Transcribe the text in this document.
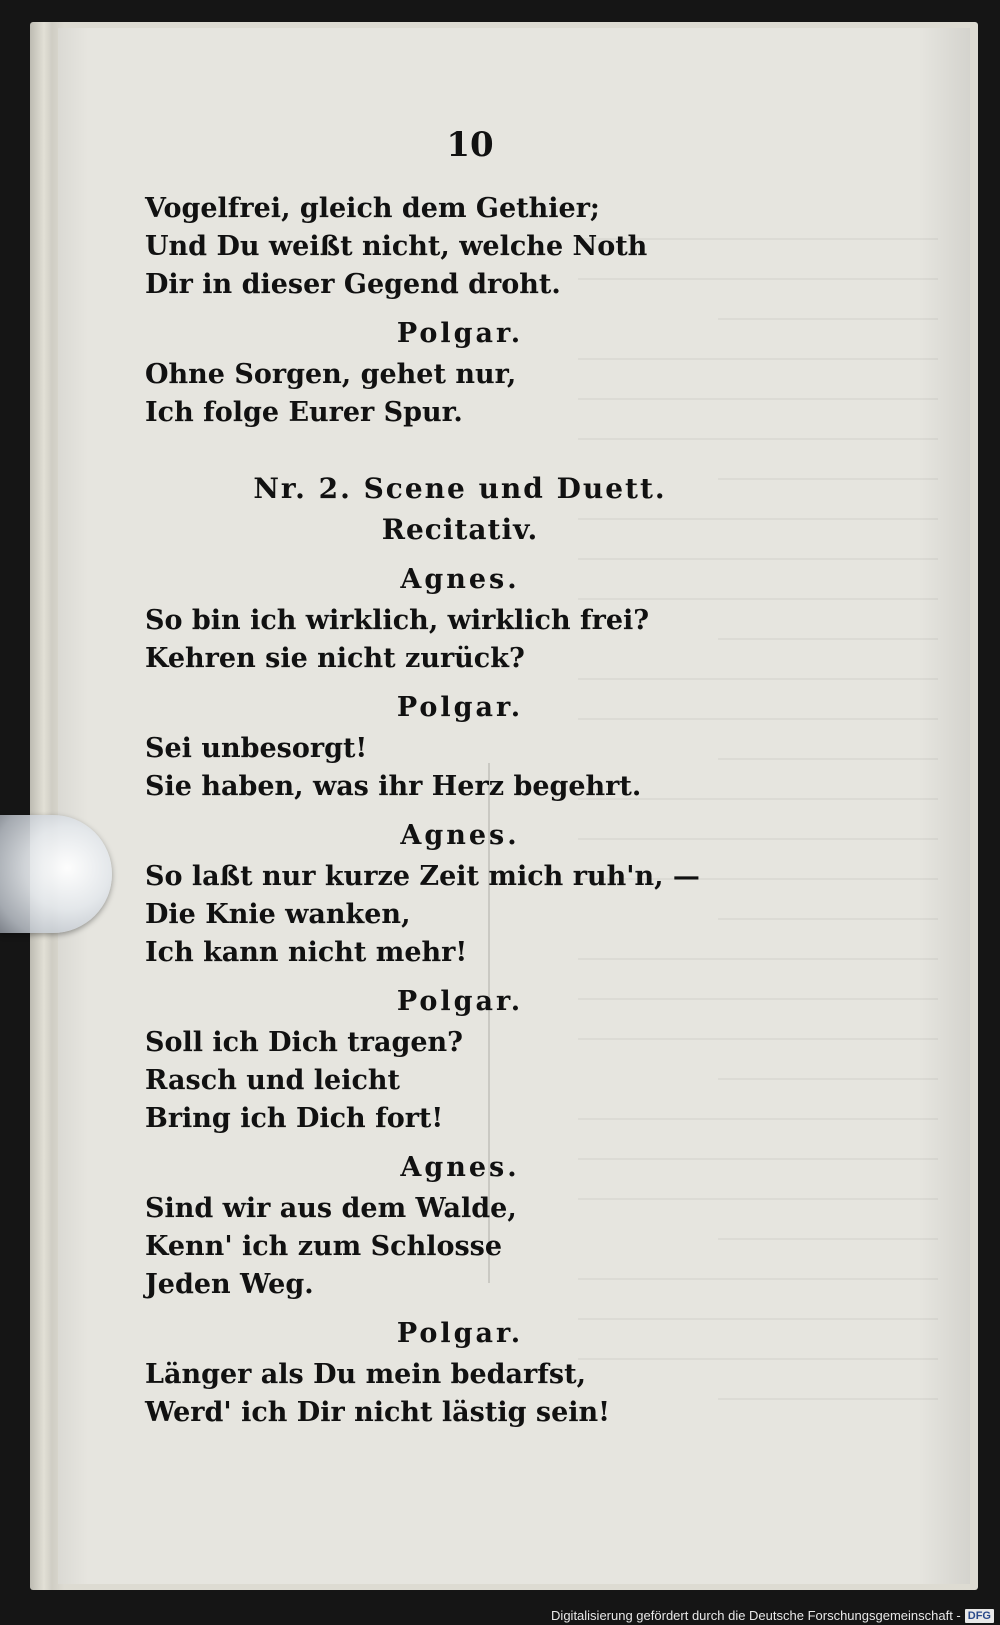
10
Vogelfrei, gleich dem Gethier;
Und Du weißt nicht, welche Noth
Dir in dieser Gegend droht.
Polgar.
Ohne Sorgen, gehet nur,
Ich folge Eurer Spur.
Nr. 2. Scene und Duett.
Recitativ.
Agnes.
So bin ich wirklich, wirklich frei?
Kehren sie nicht zurück?
Polgar.
Sei unbesorgt!
Sie haben, was ihr Herz begehrt.
Agnes.
So laßt nur kurze Zeit mich ruh'n, —
Die Knie wanken,
Ich kann nicht mehr!
Polgar.
Soll ich Dich tragen?
Rasch und leicht
Bring ich Dich fort!
Agnes.
Sind wir aus dem Walde,
Kenn' ich zum Schlosse
Jeden Weg.
Polgar.
Länger als Du mein bedarfst,
Werd' ich Dir nicht lästig sein!
Digitalisierung gefördert durch die Deutsche Forschungsgemeinschaft - DFG
